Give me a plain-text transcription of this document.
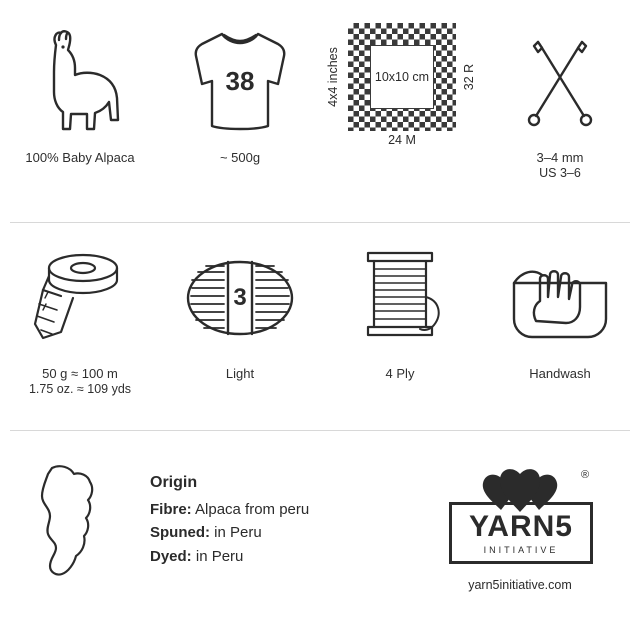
100% Baby Alpaca
38
~ 500g
10x10 cm
4x4 inches	32 R
24 M
3–4 mm
US 3–6
50 g ≈ 100 m
1.75 oz. ≈ 109 yds
3
Light	4 Ply	Handwash
Origin
Fibre: Alpaca from peru
Spuned: in Peru
Dyed: in Peru
®
YARN5
INITIATIVE
yarn5initiative.com
